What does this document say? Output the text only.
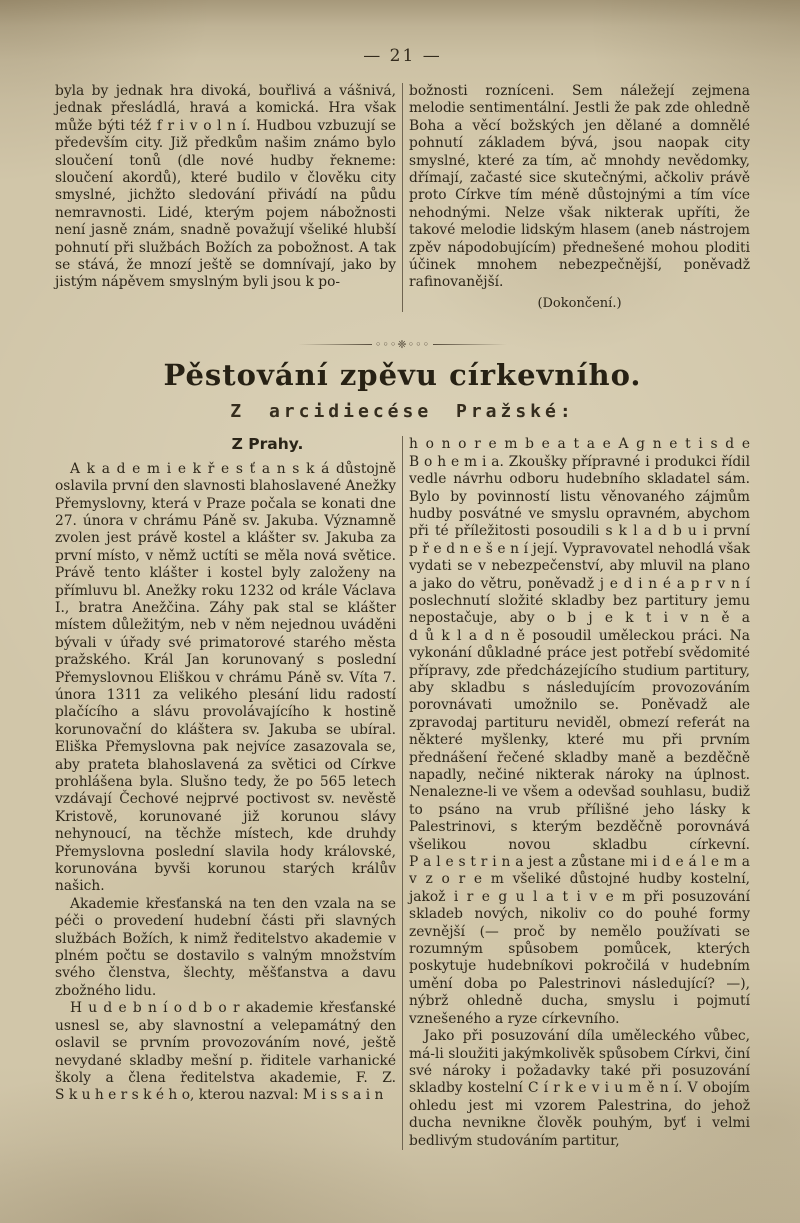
— 21 —

byla by jednak hra divoká, bouřlivá a vášnivá, jednak přesládlá, hravá a komická. Hra však může býti též f r i v o l n í. Hudbou vzbuzují se především city. Již předkům našim známo bylo sloučení tonů (dle nové hudby řekneme: sloučení akordů), které budilo v člověku city smyslné, jichžto sledování přivádí na půdu nemravnosti. Lidé, kterým pojem nábožnosti není jasně znám, snadně považují všeliké hlubší pohnutí při službách Božích za pobožnost. A tak se stává, že mnozí ještě se domnívají, jako by jistým nápěvem smyslným byli jsou k po-

božnosti rozníceni. Sem náležejí zejmena melodie sentimentální. Jestli že pak zde ohledně Boha a věcí božských jen dělané a domnělé pohnutí základem bývá, jsou naopak city smyslné, které za tím, ač mnohdy nevědomky, dřímají, začasté sice skutečnými, ačkoliv právě proto Církve tím méně důstojnými a tím více nehodnými. Nelze však nikterak upříti, že takové melodie lidským hlasem (aneb nástrojem zpěv nápodobujícím) přednešené mohou ploditi účinek mnohem nebezpečnější, poněvadž rafinovanější.

(Dokončení.)
◦◦◦❈◦◦◦
Pěstování zpěvu církevního.
Z arcidiecése Pražské:
Z Prahy.

A k a d e m i e k ř e s ť a n s k á důstojně oslavila první den slavnosti blahoslavené Anežky Přemyslovny, která v Praze počala se konati dne 27. února v chrámu Páně sv. Jakuba. Významně zvolen jest právě kostel a klášter sv. Jakuba za první místo, v němž uctíti se měla nová světice. Právě tento klášter i kostel byly založeny na přímluvu bl. Anežky roku 1232 od krále Václava I., bratra Anežčina. Záhy pak stal se klášter místem důležitým, neb v něm nejednou uváděni bývali v úřady své primatorové starého města pražského. Král Jan korunovaný s poslední Přemyslovnou Eliškou v chrámu Páně sv. Víta 7. února 1311 za velikého plesání lidu radostí plačícího a slávu provolávajícího k hostině korunovační do kláštera sv. Jakuba se ubíral. Eliška Přemyslovna pak nejvíce zasazovala se, aby prateta blahoslavená za světici od Církve prohlášena byla. Slušno tedy, že po 565 letech vzdávají Čechové nejprvé poctivost sv. nevěstě Kristově, korunované již korunou slávy nehynoucí, na těchže místech, kde druhdy Přemyslovna poslední slavila hody královské, korunována byvši korunou starých králův našich.

Akademie křesťanská na ten den vzala na se péči o provedení hudební části při slavných službách Božích, k nimž ředitelstvo akademie v plném počtu se dostavilo s valným množstvím svého členstva, šlechty, měšťanstva a davu zbožného lidu.

H u d e b n í o d b o r akademie křesťanské usnesl se, aby slavnostní a velepamátný den oslavil se prvním provozováním nové, ještě nevydané skladby mešní p. řiditele varhanické školy a člena ředitelstva akademie, F. Z. S k u h e r s k é h o, kterou nazval: M i s s a i n

h o n o r e m b e a t a e A g n e t i s d e B o h e m i a. Zkoušky přípravné i produkci řídil vedle návrhu odboru hudebního skladatel sám. Bylo by povinností listu věnovaného zájmům hudby posvátné ve smyslu opravném, abychom při té příležitosti posoudili s k l a d b u i první p ř e d n e š e n í její. Vypravovatel nehodlá však vydati se v nebezpečenství, aby mluvil na plano a jako do větru, poněvadž j e d i n é a p r v n í poslechnutí složité skladby bez partitury jemu nepostačuje, aby o b j e k t i v n ě a d ů k l a d n ě posoudil uměleckou práci. Na vykonání důkladné práce jest potřebí svědomité přípravy, zde předcházejícího studium partitury, aby skladbu s následujícím provozováním porovnávati umožnilo se. Poněvadž ale zpravodaj partituru neviděl, obmezí referát na některé myšlenky, které mu při prvním přednášení řečené skladby maně a bezděčně napadly, nečiné nikterak nároky na úplnost. Nenalezne-li ve všem a odevšad souhlasu, budiž to psáno na vrub přílišné jeho lásky k Palestrinovi, s kterým bezděčně porovnává všelikou novou skladbu církevní. P a l e s t r i n a jest a zůstane mi i d e á l e m a v z o r e m všeliké důstojné hudby kostelní, jakož i r e g u l a t i v e m při posuzování skladeb nových, nikoliv co do pouhé formy zevnější (— proč by nemělo používati se rozumným spůsobem pomůcek, kterých poskytuje hudebníkovi pokročilá v hudebním umění doba po Palestrinovi následující? —), nýbrž ohledně ducha, smyslu i pojmutí vznešeného a ryze církevního.

Jako při posuzování díla uměleckého vůbec, má-li sloužiti jakýmkolivěk spůsobem Církvi, činí své nároky i požadavky také při posuzování skladby kostelní C í r k e v i u m ě n í. V obojím ohledu jest mi vzorem Palestrina, do jehož ducha nevnikne člověk pouhým, byť i velmi bedlivým studováním partitur,
